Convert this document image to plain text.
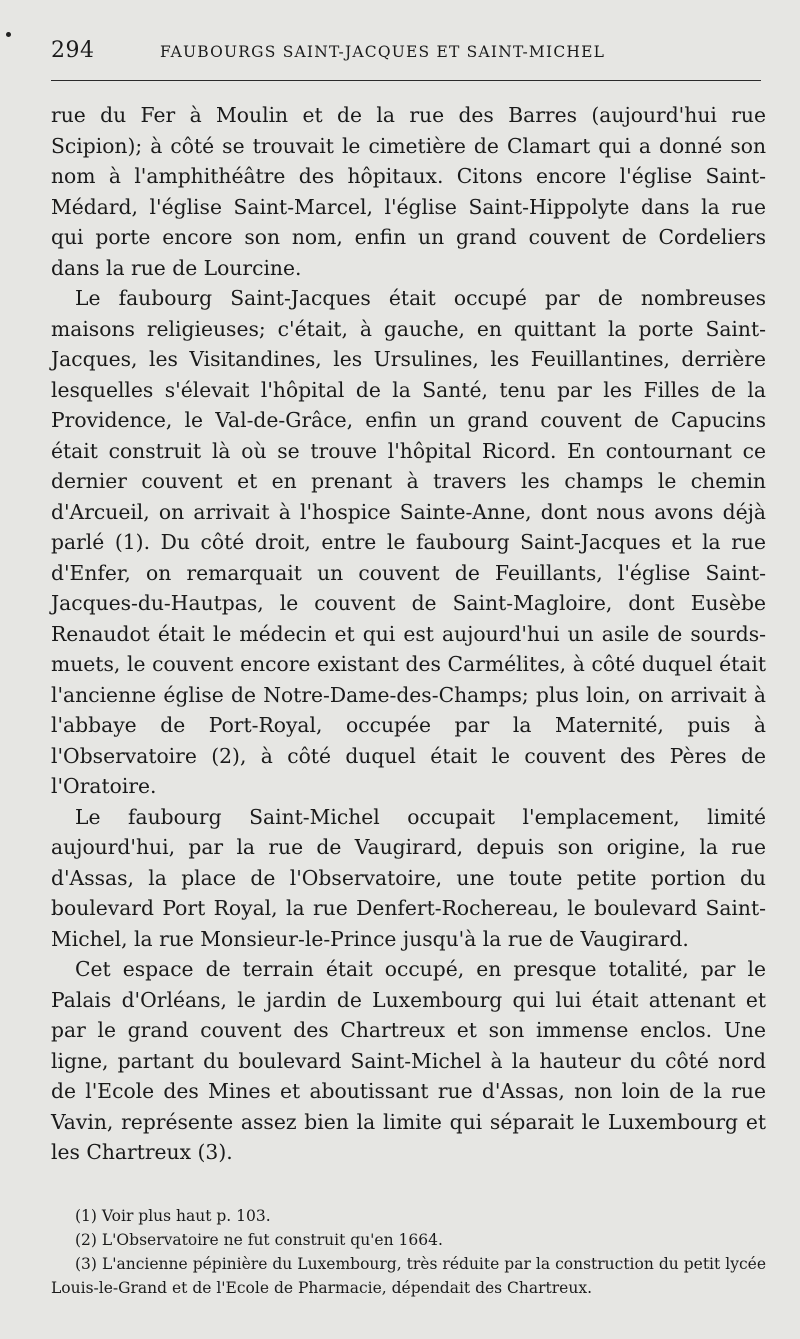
294	FAUBOURGS SAINT-JACQUES ET SAINT-MICHEL

rue du Fer à Moulin et de la rue des Barres (aujourd'hui rue Scipion); à côté se trouvait le cimetière de Clamart qui a donné son nom à l'amphithéâtre des hôpitaux. Citons encore l'église Saint-Médard, l'église Saint-Marcel, l'église Saint-Hippolyte dans la rue qui porte encore son nom, enfin un grand couvent de Cordeliers dans la rue de Lourcine.

Le faubourg Saint-Jacques était occupé par de nombreuses maisons religieuses; c'était, à gauche, en quittant la porte Saint-Jacques, les Visitandines, les Ursulines, les Feuillantines, derrière lesquelles s'élevait l'hôpital de la Santé, tenu par les Filles de la Providence, le Val-de-Grâce, enfin un grand couvent de Capucins était construit là où se trouve l'hôpital Ricord. En contournant ce dernier couvent et en prenant à travers les champs le chemin d'Arcueil, on arrivait à l'hospice Sainte-Anne, dont nous avons déjà parlé (1). Du côté droit, entre le faubourg Saint-Jacques et la rue d'Enfer, on remarquait un couvent de Feuillants, l'église Saint-Jacques-du-Hautpas, le couvent de Saint-Magloire, dont Eusèbe Renaudot était le médecin et qui est aujourd'hui un asile de sourds-muets, le couvent encore existant des Carmélites, à côté duquel était l'ancienne église de Notre-Dame-des-Champs; plus loin, on arrivait à l'abbaye de Port-Royal, occupée par la Maternité, puis à l'Observatoire (2), à côté duquel était le couvent des Pères de l'Oratoire.

Le faubourg Saint-Michel occupait l'emplacement, limité aujourd'hui, par la rue de Vaugirard, depuis son origine, la rue d'Assas, la place de l'Observatoire, une toute petite portion du boulevard Port Royal, la rue Denfert-Rochereau, le boulevard Saint-Michel, la rue Monsieur-le-Prince jusqu'à la rue de Vaugirard.

Cet espace de terrain était occupé, en presque totalité, par le Palais d'Orléans, le jardin de Luxembourg qui lui était attenant et par le grand couvent des Chartreux et son immense enclos. Une ligne, partant du boulevard Saint-Michel à la hauteur du côté nord de l'Ecole des Mines et aboutissant rue d'Assas, non loin de la rue Vavin, représente assez bien la limite qui séparait le Luxembourg et les Chartreux (3).

(1) Voir plus haut p. 103.

(2) L'Observatoire ne fut construit qu'en 1664.

(3) L'ancienne pépinière du Luxembourg, très réduite par la construction du petit lycée Louis-le-Grand et de l'Ecole de Pharmacie, dépendait des Chartreux.
